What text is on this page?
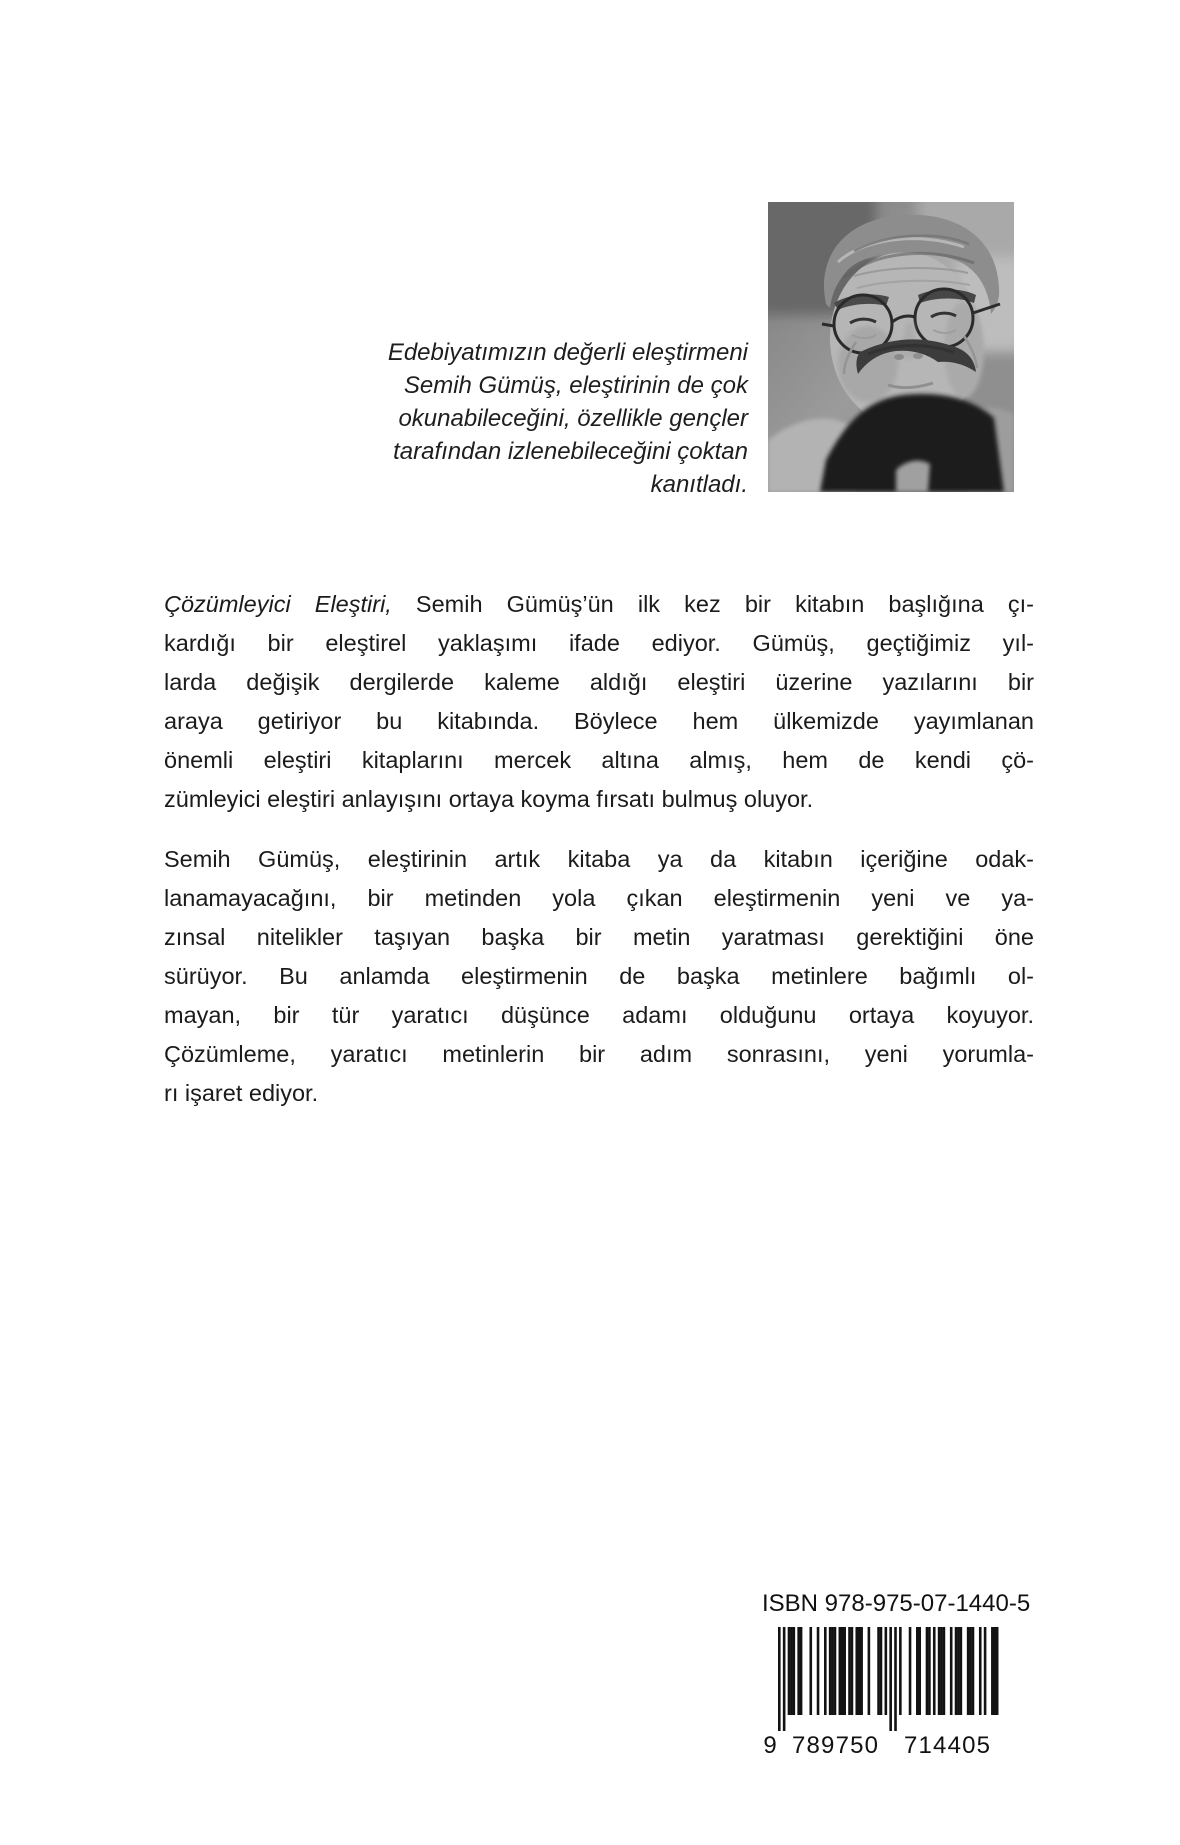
Edebiyatımızın değerli eleştirmeni
Semih Gümüş, eleştirinin de çok
okunabileceğini, özellikle gençler
tarafından izlenebileceğini çoktan
kanıtladı.
Çözümleyici Eleştiri, Semih Gümüş’ün ilk kez bir kitabın başlığına çı-
kardığı bir eleştirel yaklaşımı ifade ediyor. Gümüş, geçtiğimiz yıl-
larda değişik dergilerde kaleme aldığı eleştiri üzerine yazılarını bir
araya getiriyor bu kitabında. Böylece hem ülkemizde yayımlanan
önemli eleştiri kitaplarını mercek altına almış, hem de kendi çö-
zümleyici eleştiri anlayışını ortaya koyma fırsatı bulmuş oluyor.
Semih Gümüş, eleştirinin artık kitaba ya da kitabın içeriğine odak-
lanamayacağını, bir metinden yola çıkan eleştirmenin yeni ve ya-
zınsal nitelikler taşıyan başka bir metin yaratması gerektiğini öne
sürüyor. Bu anlamda eleştirmenin de başka metinlere bağımlı ol-
mayan, bir tür yaratıcı düşünce adamı olduğunu ortaya koyuyor.
Çözümleme, yaratıcı metinlerin bir adım sonrasını, yeni yorumla-
rı işaret ediyor.
ISBN 978-975-07-1440-5
9 789750 714405
